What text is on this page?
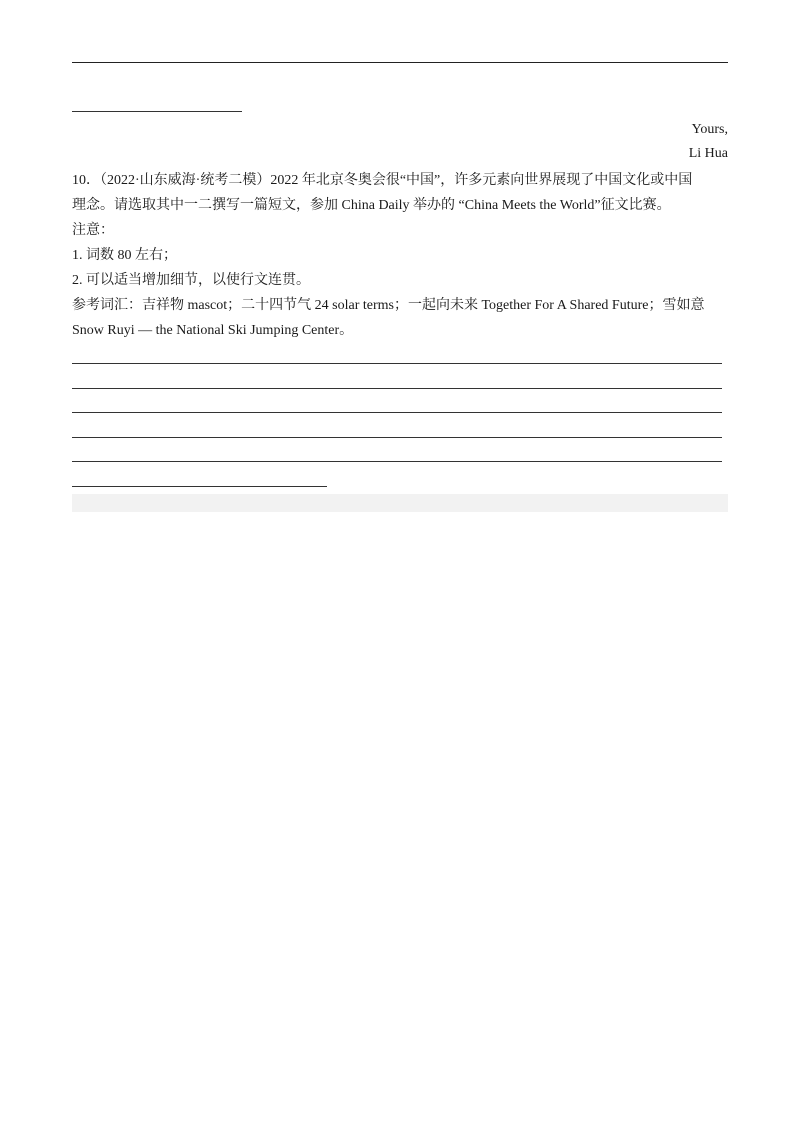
Yours,
Li Hua

10．（2022·山东威海·统考二模）2022 年北京冬奥会很“中国”，许多元素向世界展现了中国文化或中国

理念。请选取其中一二撰写一篇短文，参加 China Daily 举办的 “China Meets the World”征文比赛。

注意：

1. 词数 80 左右；

2. 可以适当增加细节，以使行文连贯。

参考词汇：吉祥物 mascot；二十四节气 24 solar terms；一起向未来 Together For A Shared Future；雪如意

Snow Ruyi — the National Ski Jumping Center。
